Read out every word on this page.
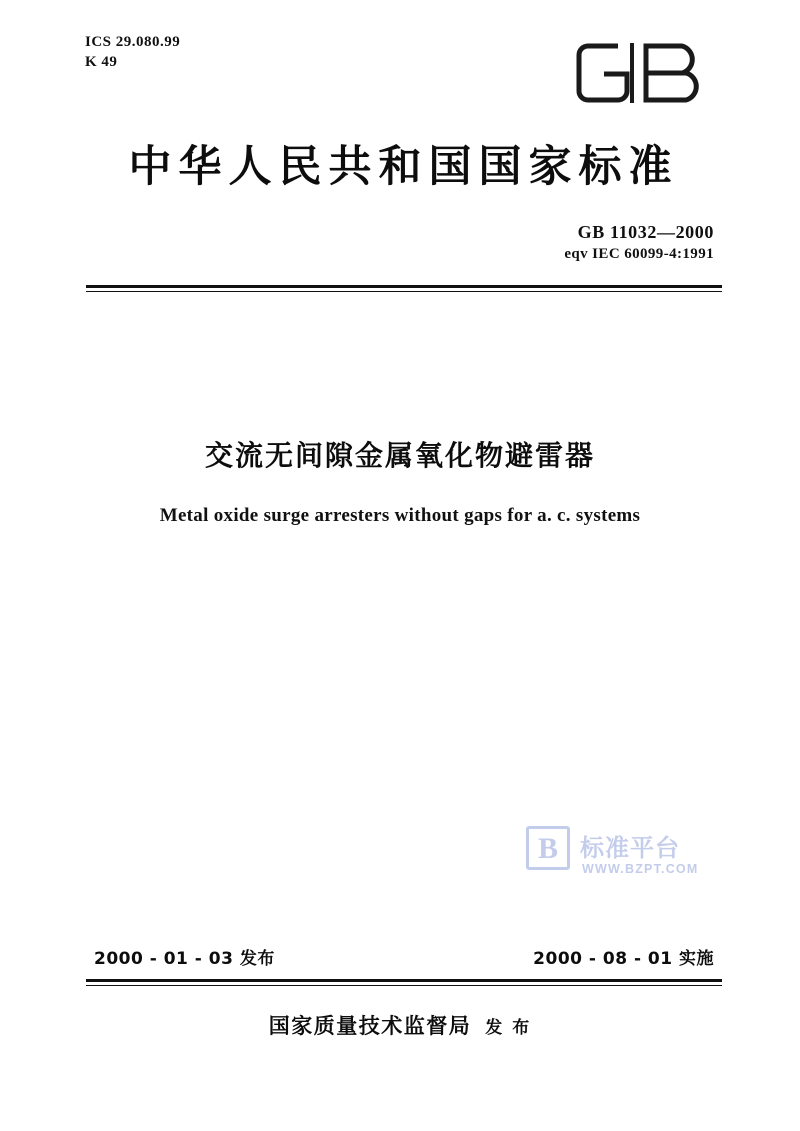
ICS 29.080.99
K 49
中华人民共和国国家标准
GB 11032—2000
eqv IEC 60099-4:1991
交流无间隙金属氧化物避雷器
Metal oxide surge arresters without gaps for a. c. systems
B 标准平台
WWW.BZPT.COM
2000 - 01 - 03 发布	2000 - 08 - 01 实施
国家质量技术监督局 发 布
